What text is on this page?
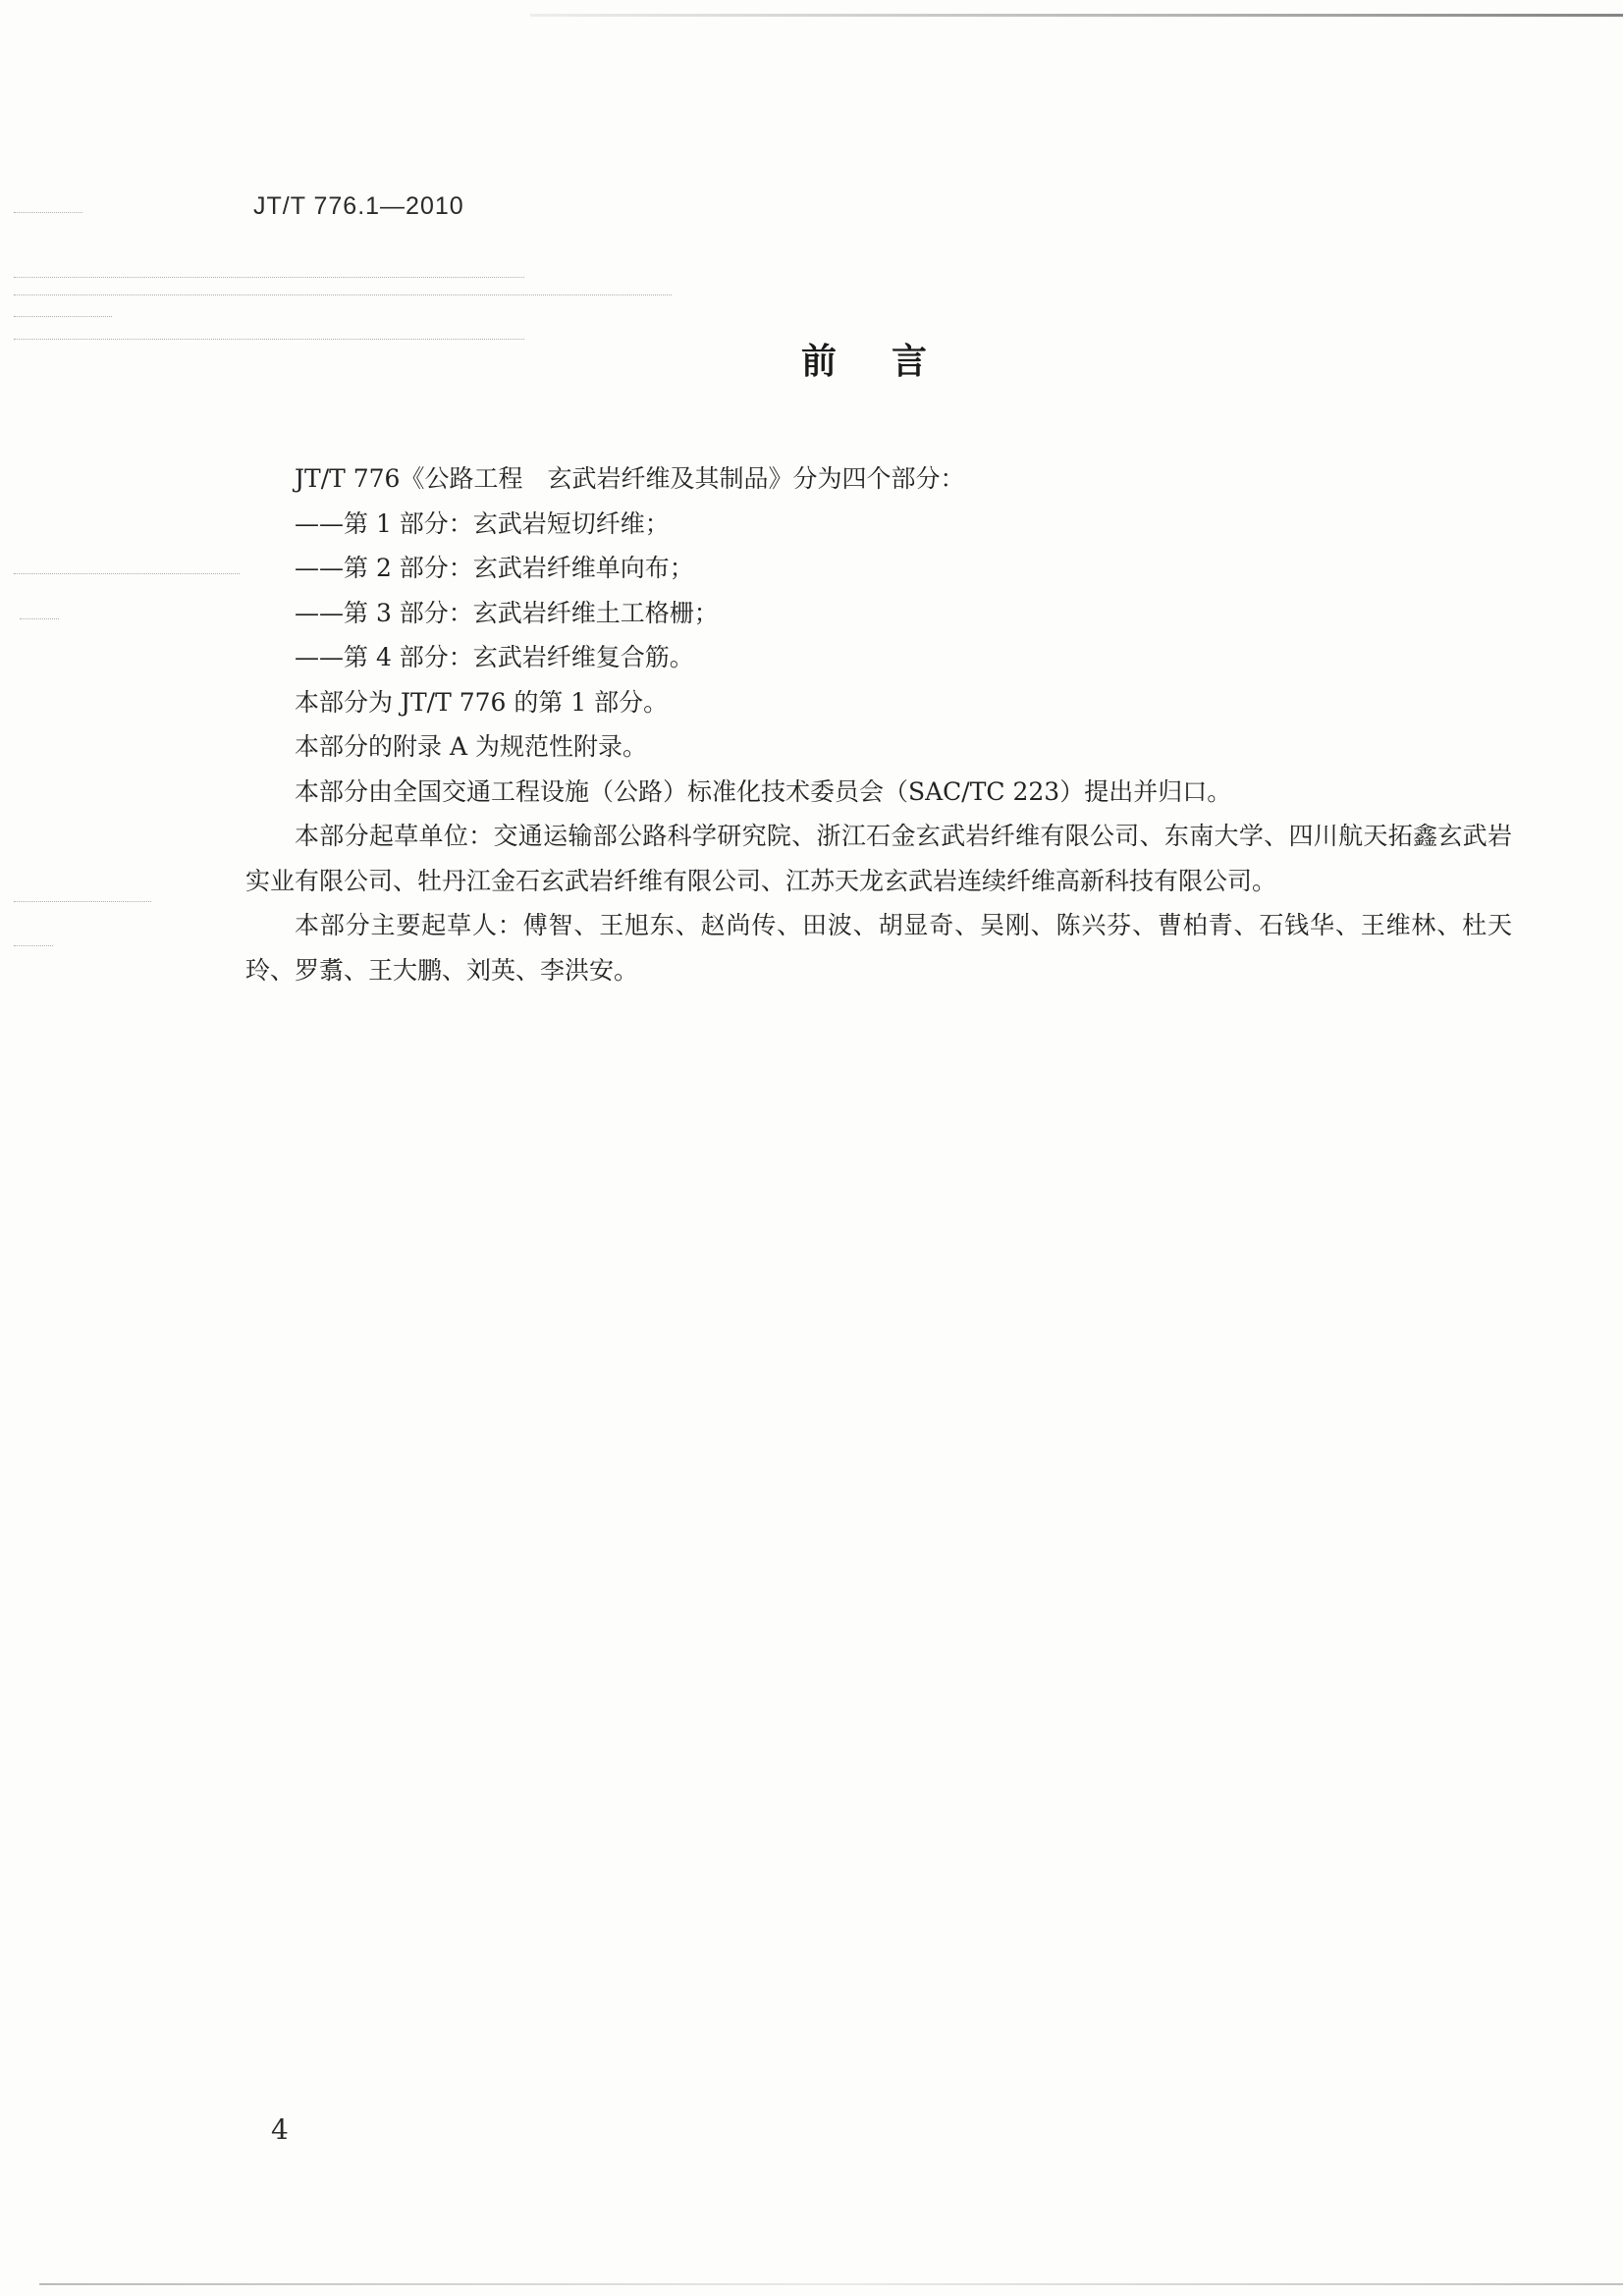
JT/T 776.1—2010
前言

JT/T 776《公路工程　玄武岩纤维及其制品》分为四个部分：

——第 1 部分：玄武岩短切纤维；

——第 2 部分：玄武岩纤维单向布；

——第 3 部分：玄武岩纤维土工格栅；

——第 4 部分：玄武岩纤维复合筋。

本部分为 JT/T 776 的第 1 部分。

本部分的附录 A 为规范性附录。

本部分由全国交通工程设施（公路）标准化技术委员会（SAC/TC 223）提出并归口。

本部分起草单位：交通运输部公路科学研究院、浙江石金玄武岩纤维有限公司、东南大学、四川航天拓鑫玄武岩实业有限公司、牡丹江金石玄武岩纤维有限公司、江苏天龙玄武岩连续纤维高新科技有限公司。

本部分主要起草人：傅智、王旭东、赵尚传、田波、胡显奇、吴刚、陈兴芬、曹柏青、石钱华、王维林、杜天玲、罗翥、王大鹏、刘英、李洪安。

4
